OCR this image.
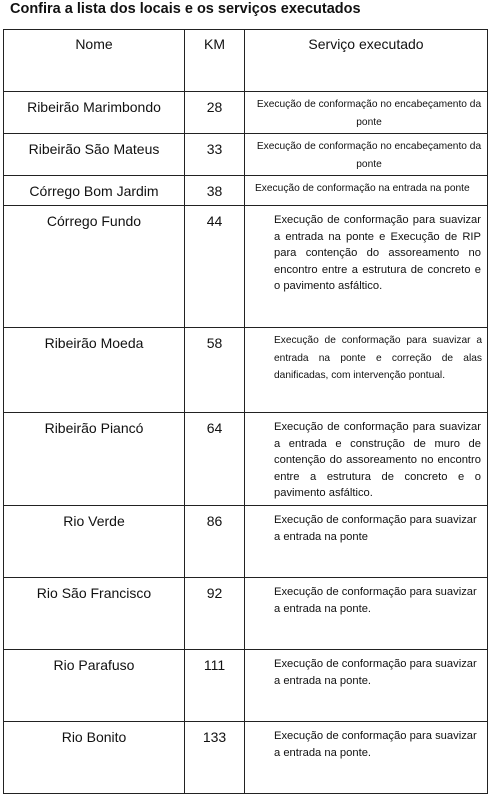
Confira a lista dos locais e os serviços executados
Nome	KM	Serviço executado
Ribeirão Marimbondo	28	Execução de conformação no encabeçamento da ponte
Ribeirão São Mateus	33	Execução de conformação no encabeçamento da ponte
Córrego Bom Jardim	38	Execução de conformação na entrada na ponte
Córrego Fundo	44	Execução de conformação para suavizar a entrada na ponte e Execução de RIP para contenção do assoreamento no encontro entre a estrutura de concreto e o pavimento asfáltico.
Ribeirão Moeda	58	Execução de conformação para suavizar a entrada na ponte e correção de alas danificadas, com intervenção pontual.
Ribeirão Piancó	64	Execução de conformação para suavizar a entrada e construção de muro de contenção do assoreamento no encontro entre a estrutura de concreto e o pavimento asfáltico.
Rio Verde	86	Execução de conformação para suavizar a entrada na ponte
Rio São Francisco	92	Execução de conformação para suavizar a entrada na ponte.
Rio Parafuso	111	Execução de conformação para suavizar a entrada na ponte.
Rio Bonito	133	Execução de conformação para suavizar a entrada na ponte.
